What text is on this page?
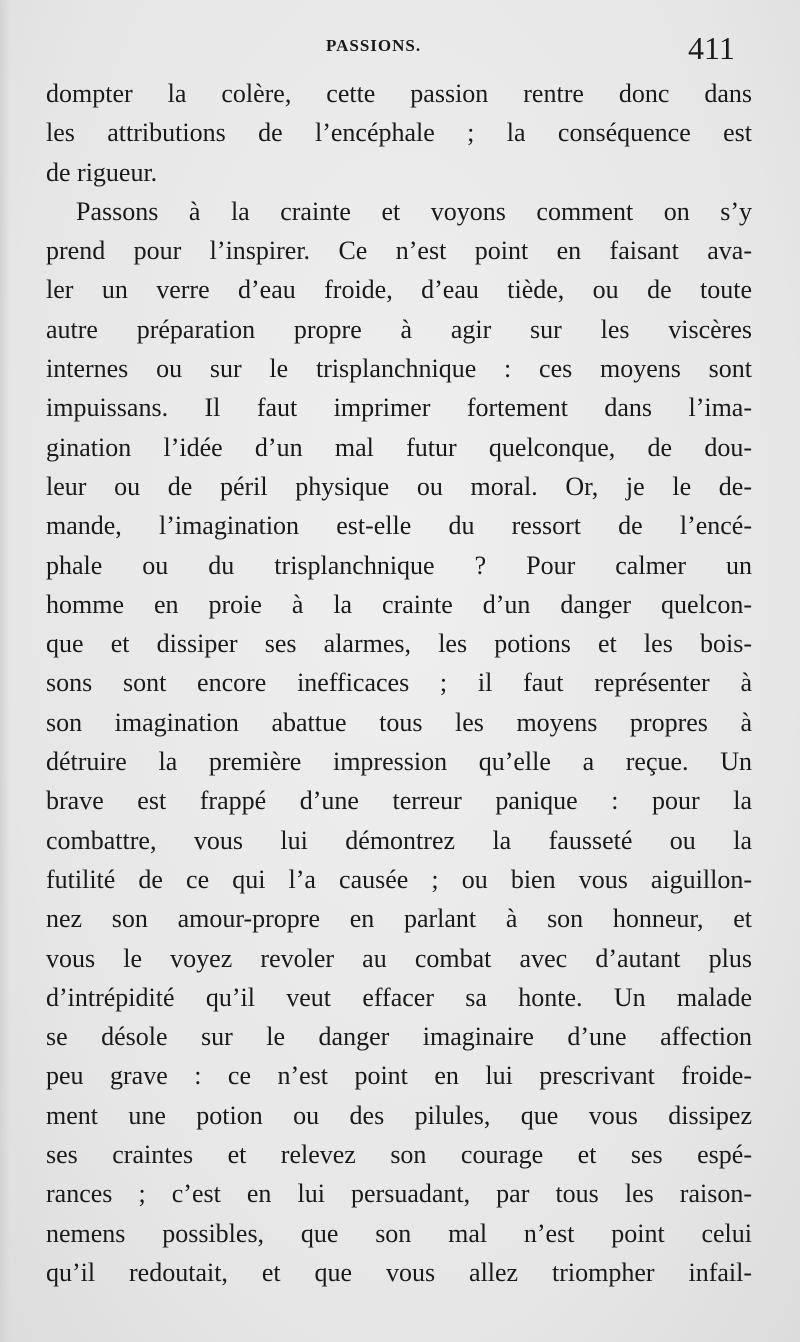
PASSIONS.	411
dompter la colère, cette passion rentre donc dans
les attributions de l’encéphale ; la conséquence est
de rigueur.
Passons à la crainte et voyons comment on s’y
prend pour l’inspirer. Ce n’est point en faisant ava-
ler un verre d’eau froide, d’eau tiède, ou de toute
autre préparation propre à agir sur les viscères
internes ou sur le trisplanchnique : ces moyens sont
impuissans. Il faut imprimer fortement dans l’ima-
gination l’idée d’un mal futur quelconque, de dou-
leur ou de péril physique ou moral. Or, je le de-
mande, l’imagination est-elle du ressort de l’encé-
phale ou du trisplanchnique ? Pour calmer un
homme en proie à la crainte d’un danger quelcon-
que et dissiper ses alarmes, les potions et les bois-
sons sont encore inefficaces ; il faut représenter à
son imagination abattue tous les moyens propres à
détruire la première impression qu’elle a reçue. Un
brave est frappé d’une terreur panique : pour la
combattre, vous lui démontrez la fausseté ou la
futilité de ce qui l’a causée ; ou bien vous aiguillon-
nez son amour-propre en parlant à son honneur, et
vous le voyez revoler au combat avec d’autant plus
d’intrépidité qu’il veut effacer sa honte. Un malade
se désole sur le danger imaginaire d’une affection
peu grave : ce n’est point en lui prescrivant froide-
ment une potion ou des pilules, que vous dissipez
ses craintes et relevez son courage et ses espé-
rances ; c’est en lui persuadant, par tous les raison-
nemens possibles, que son mal n’est point celui
qu’il redoutait, et que vous allez triompher infail-
